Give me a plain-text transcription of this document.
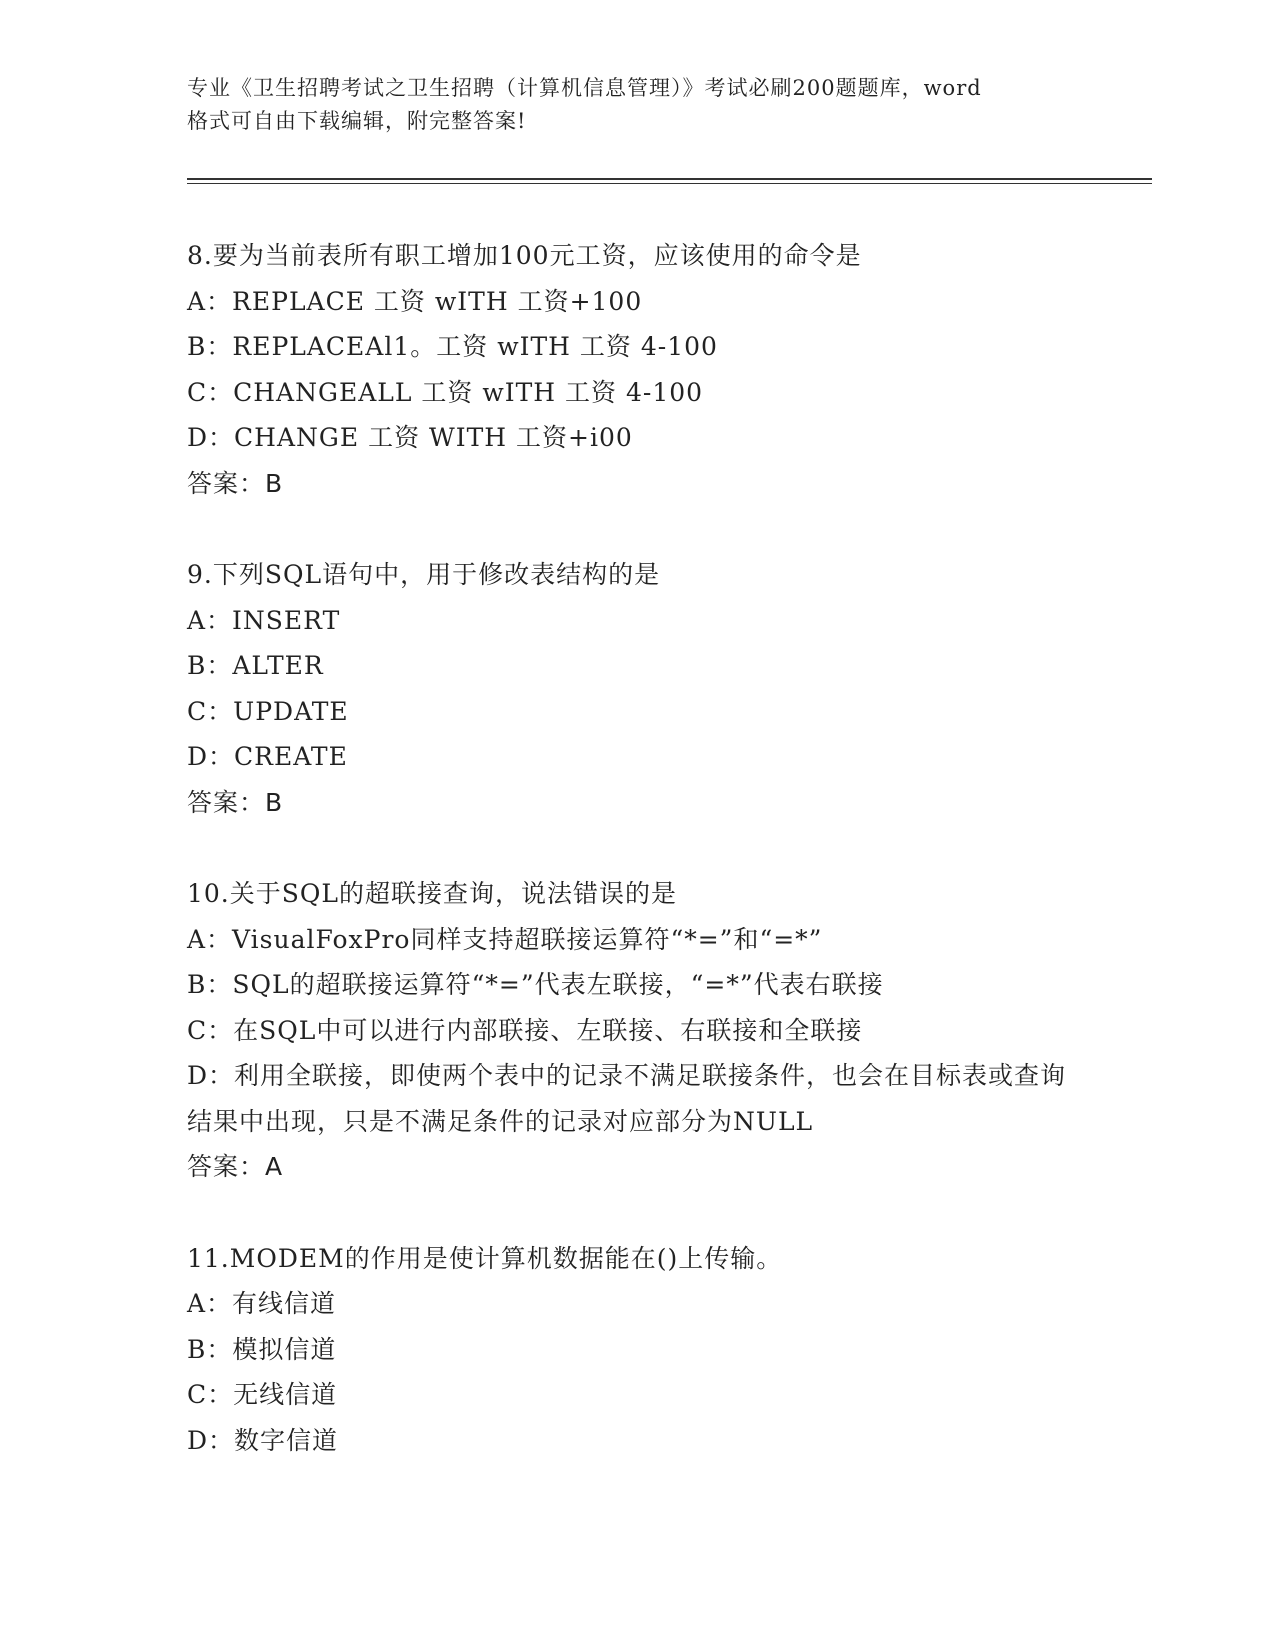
专业《卫生招聘考试之卫生招聘（计算机信息管理）》考试必刷200题题库，word
格式可自由下载编辑，附完整答案!
8.要为当前表所有职工增加100元工资，应该使用的命令是
A：REPLACE 工资 wITH 工资+100
B：REPLACEAl1。工资 wITH 工资 4-100
C：CHANGEALL 工资 wITH 工资 4-100
D：CHANGE 工资 WITH 工资+i00
答案：B
9.下列SQL语句中，用于修改表结构的是
A：INSERT
B：ALTER
C：UPDATE
D：CREATE
答案：B
10.关于SQL的超联接查询，说法错误的是
A：VisualFoxPro同样支持超联接运算符“*=”和“=*”
B：SQL的超联接运算符“*=”代表左联接，“=*”代表右联接
C：在SQL中可以进行内部联接、左联接、右联接和全联接
D：利用全联接，即使两个表中的记录不满足联接条件，也会在目标表或查询结果中出现，只是不满足条件的记录对应部分为NULL
答案：A
11.MODEM的作用是使计算机数据能在()上传输。
A：有线信道
B：模拟信道
C：无线信道
D：数字信道
